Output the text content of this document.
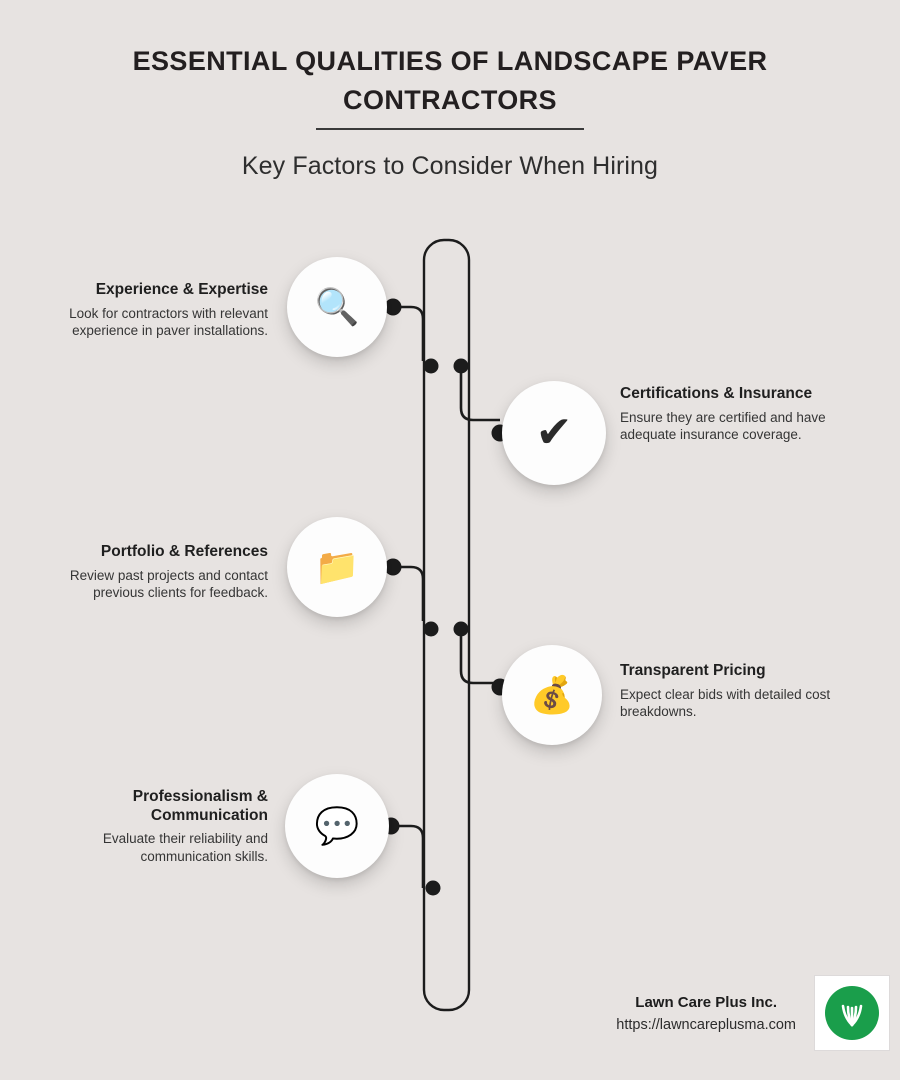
ESSENTIAL QUALITIES OF LANDSCAPE PAVER CONTRACTORS
Key Factors to Consider When Hiring
🔍
Experience & Expertise
Look for contractors with relevant experience in paver installations.
✔
Certifications & Insurance
Ensure they are certified and have adequate insurance coverage.
📁
Portfolio & References
Review past projects and contact previous clients for feedback.
💰
Transparent Pricing
Expect clear bids with detailed cost breakdowns.
💬
Professionalism & Communication
Evaluate their reliability and communication skills.
Lawn Care Plus Inc.
https://lawncareplusma.com
